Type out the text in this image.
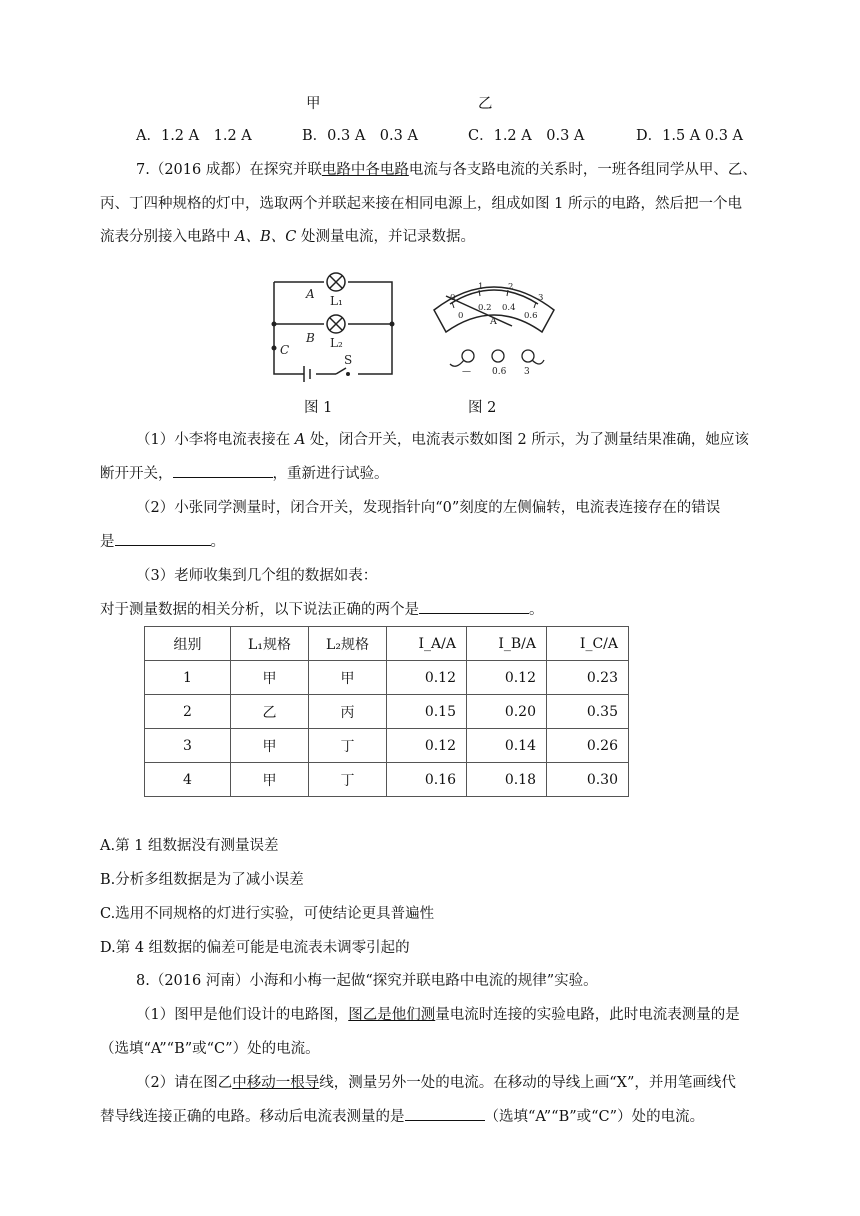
甲	乙
A．1.2 A　1.2 A	B．0.3 A　0.3 A	C．1.2 A　0.3 A	D．1.5 A 0.3 A
7.（2016 成都）在探究并联电路中各电路电流与各支路电流的关系时，一班各组同学从甲、乙、
丙、丁四种规格的灯中，选取两个并联起来接在相同电源上，组成如图 1 所示的电路，然后把一个电
流表分别接入电路中 A、B、C 处测量电流，并记录数据。
A
B
C
L₁
L₂
S
0
1	2
3
0
0.2 0.4
0.6
A
— 0.6 3
图 1	图 2
（1）小李将电流表接在 A 处，闭合开关，电流表示数如图 2 所示，为了测量结果准确，她应该
断开开关，	，重新进行试验。
（2）小张同学测量时，闭合开关，发现指针向“0”刻度的左侧偏转，电流表连接存在的错误
是	。
（3）老师收集到几个组的数据如表：
对于测量数据的相关分析，以下说法正确的两个是	。
组别	L₁规格	L₂规格	I_A/A	I_B/A	I_C/A
1	甲	甲	0.12	0.12	0.23
2	乙	丙	0.15	0.20	0.35
3	甲	丁	0.12	0.14	0.26
4	甲	丁	0.16	0.18	0.30
A.第 1 组数据没有测量误差
B.分析多组数据是为了减小误差
C.选用不同规格的灯进行实验，可使结论更具普遍性
D.第 4 组数据的偏差可能是电流表未调零引起的
8.（2016 河南）小海和小梅一起做“探究并联电路中电流的规律”实验。
（1）图甲是他们设计的电路图，图乙是他们测量电流时连接的实验电路，此时电流表测量的是
（选填“A”“B”或“C”）处的电流。
（2）请在图乙中移动一根导线，测量另外一处的电流。在移动的导线上画“X”，并用笔画线代
替导线连接正确的电路。移动后电流表测量的是	（选填“A”“B”或“C”）处的电流。
